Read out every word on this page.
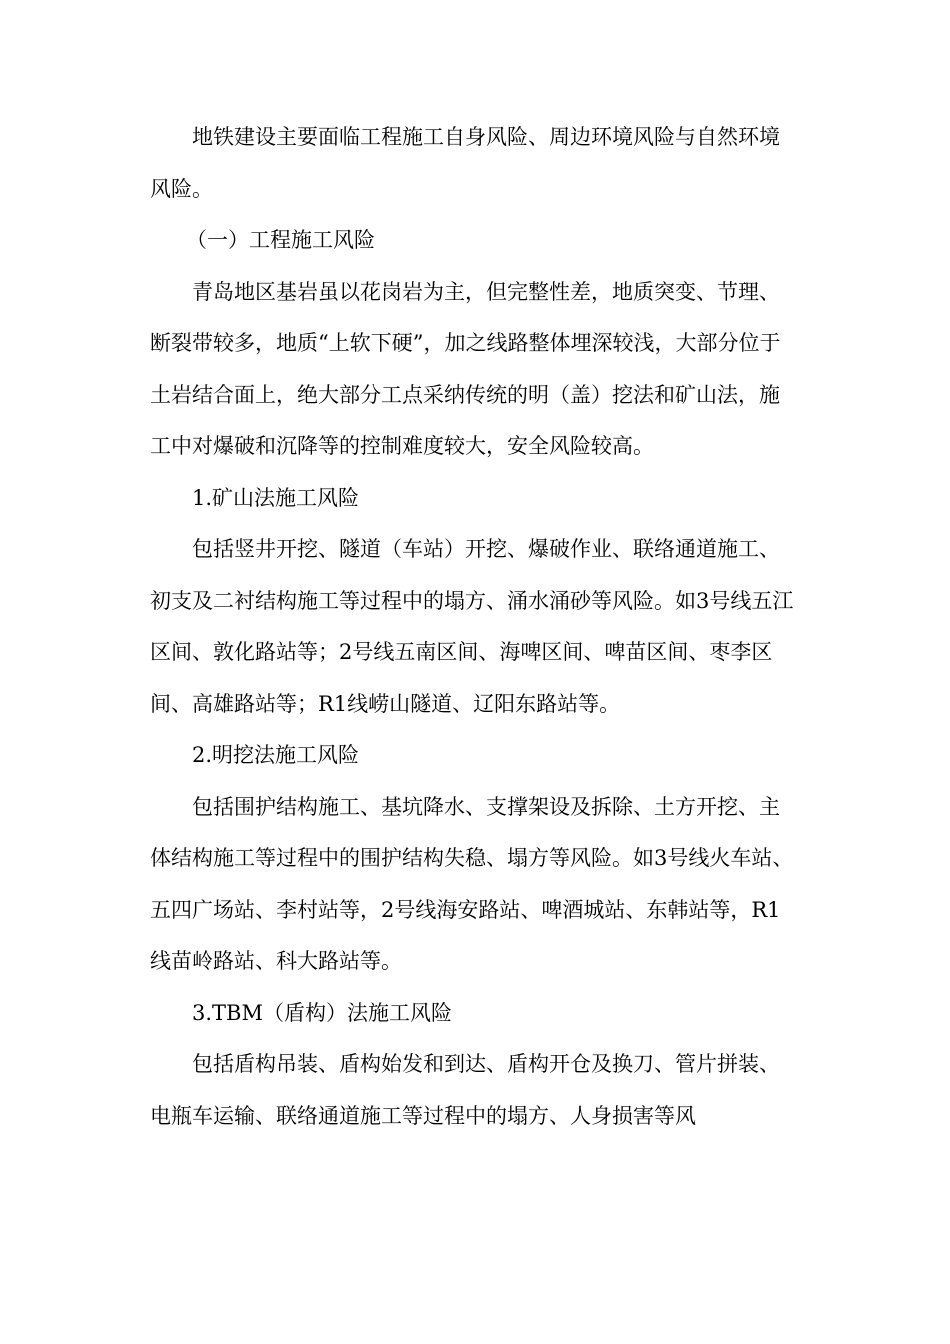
地铁建设主要面临工程施工自身风险、周边环境风险与自然环境风险。

（一）工程施工风险

青岛地区基岩虽以花岗岩为主，但完整性差，地质突变、节理、断裂带较多，地质“上软下硬”，加之线路整体埋深较浅，大部分位于土岩结合面上，绝大部分工点采纳传统的明（盖）挖法和矿山法，施工中对爆破和沉降等的控制难度较大，安全风险较高。

1.矿山法施工风险

包括竖井开挖、隧道（车站）开挖、爆破作业、联络通道施工、初支及二衬结构施工等过程中的塌方、涌水涌砂等风险。如3号线五江区间、敦化路站等；2号线五南区间、海啤区间、啤苗区间、枣李区间、高雄路站等；R1线崂山隧道、辽阳东路站等。

2.明挖法施工风险

包括围护结构施工、基坑降水、支撑架设及拆除、土方开挖、主体结构施工等过程中的围护结构失稳、塌方等风险。如3号线火车站、五四广场站、李村站等，2号线海安路站、啤酒城站、东韩站等，R1线苗岭路站、科大路站等。

3.TBM（盾构）法施工风险

包括盾构吊装、盾构始发和到达、盾构开仓及换刀、管片拼装、电瓶车运输、联络通道施工等过程中的塌方、人身损害等风
